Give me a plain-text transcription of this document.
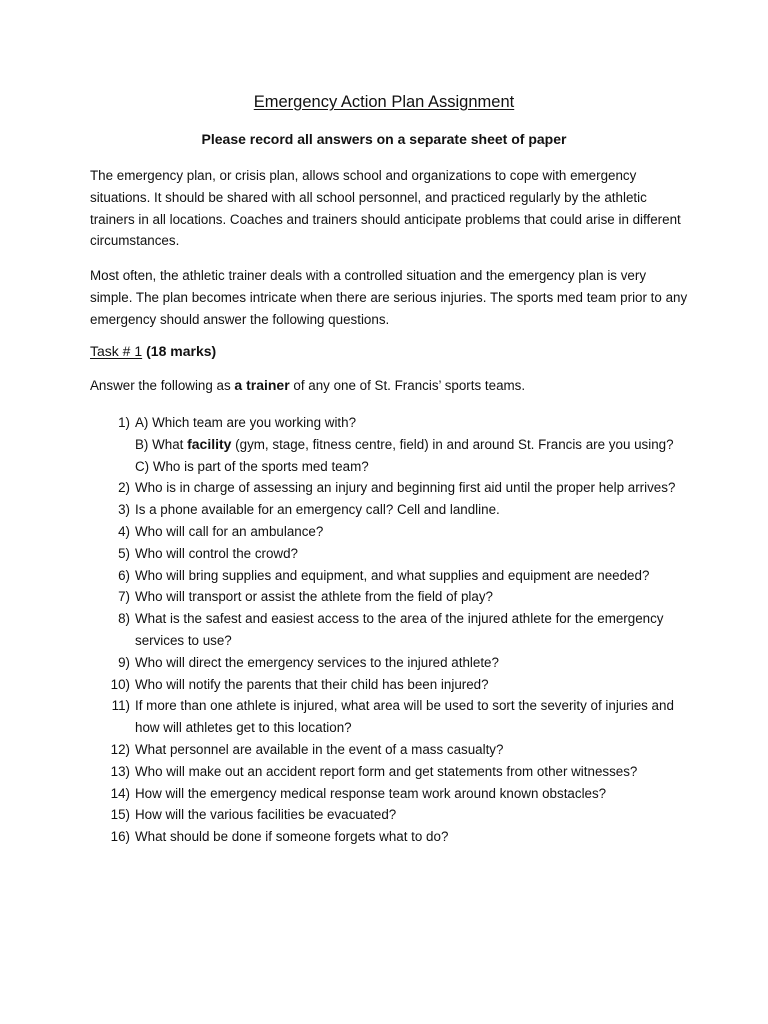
Emergency Action Plan Assignment
Please record all answers on a separate sheet of paper

The emergency plan, or crisis plan, allows school and organizations to cope with emergency situations. It should be shared with all school personnel, and practiced regularly by the athletic trainers in all locations. Coaches and trainers should anticipate problems that could arise in different circumstances.

Most often, the athletic trainer deals with a controlled situation and the emergency plan is very simple. The plan becomes intricate when there are serious injuries. The sports med team prior to any emergency should answer the following questions.

Task # 1 (18 marks)
Answer the following as a trainer of any one of St. Francis’ sports teams.
1) A) Which team are you working with?
B) What facility (gym, stage, fitness centre, field) in and around St. Francis are you using?
C) Who is part of the sports med team?
2) Who is in charge of assessing an injury and beginning first aid until the proper help arrives?
3) Is a phone available for an emergency call? Cell and landline.
4) Who will call for an ambulance?
5) Who will control the crowd?
6) Who will bring supplies and equipment, and what supplies and equipment are needed?
7) Who will transport or assist the athlete from the field of play?
8) What is the safest and easiest access to the area of the injured athlete for the emergency services to use?
9) Who will direct the emergency services to the injured athlete?
10) Who will notify the parents that their child has been injured?
11) If more than one athlete is injured, what area will be used to sort the severity of injuries and how will athletes get to this location?
12) What personnel are available in the event of a mass casualty?
13) Who will make out an accident report form and get statements from other witnesses?
14) How will the emergency medical response team work around known obstacles?
15) How will the various facilities be evacuated?
16) What should be done if someone forgets what to do?
